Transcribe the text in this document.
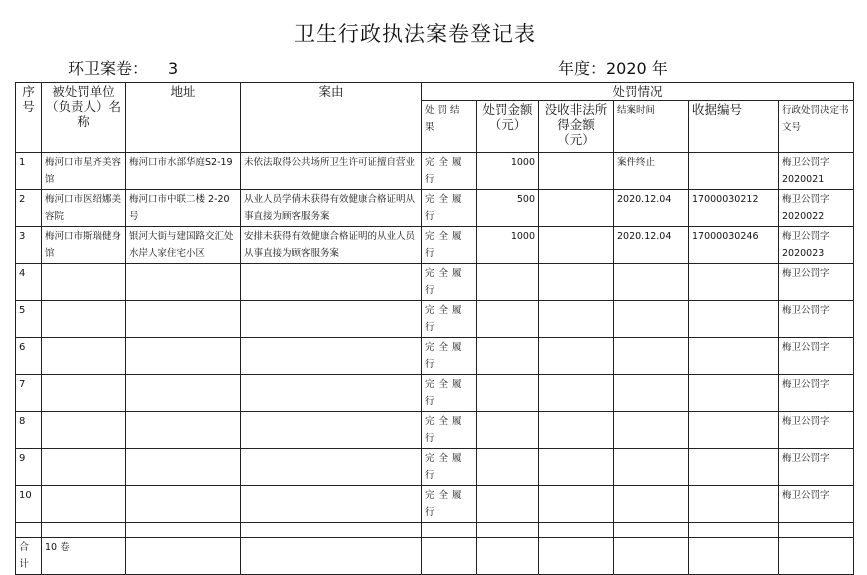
卫生行政执法案卷登记表
环卫案卷： 3	年度：2020 年
序号	被处罚单位（负责人）名称	地址	案由	处罚情况					
				处罚结果	处罚金额（元）	没收非法所得金额（元）	结案时间	收据编号	行政处罚决定书文号
1	梅河口市星齐美容馆	梅河口市水部华庭S2-19	未依法取得公共场所卫生许可证擅自营业	完全履行	1000		案件终止		梅卫公罚字2020021
2	梅河口市医绍娜美容院	梅河口市中联二楼 2-20号	从业人员学倩未获得有效健康合格证明从事直接为顾客服务案	完全履行	500		2020.12.04	17000030212	梅卫公罚字2020022
3	梅河口市斯瑞健身馆	银河大街与建国路交汇处水岸人家住宅小区	安排未获得有效健康合格证明的从业人员从事直接为顾客服务案	完全履行	1000		2020.12.04	17000030246	梅卫公罚字2020023
4				完全履行					梅卫公罚字
5				完全履行					梅卫公罚字
6				完全履行					梅卫公罚字
7				完全履行					梅卫公罚字
8				完全履行					梅卫公罚字
9				完全履行					梅卫公罚字
10				完全履行					梅卫公罚字

合计	10 卷								
